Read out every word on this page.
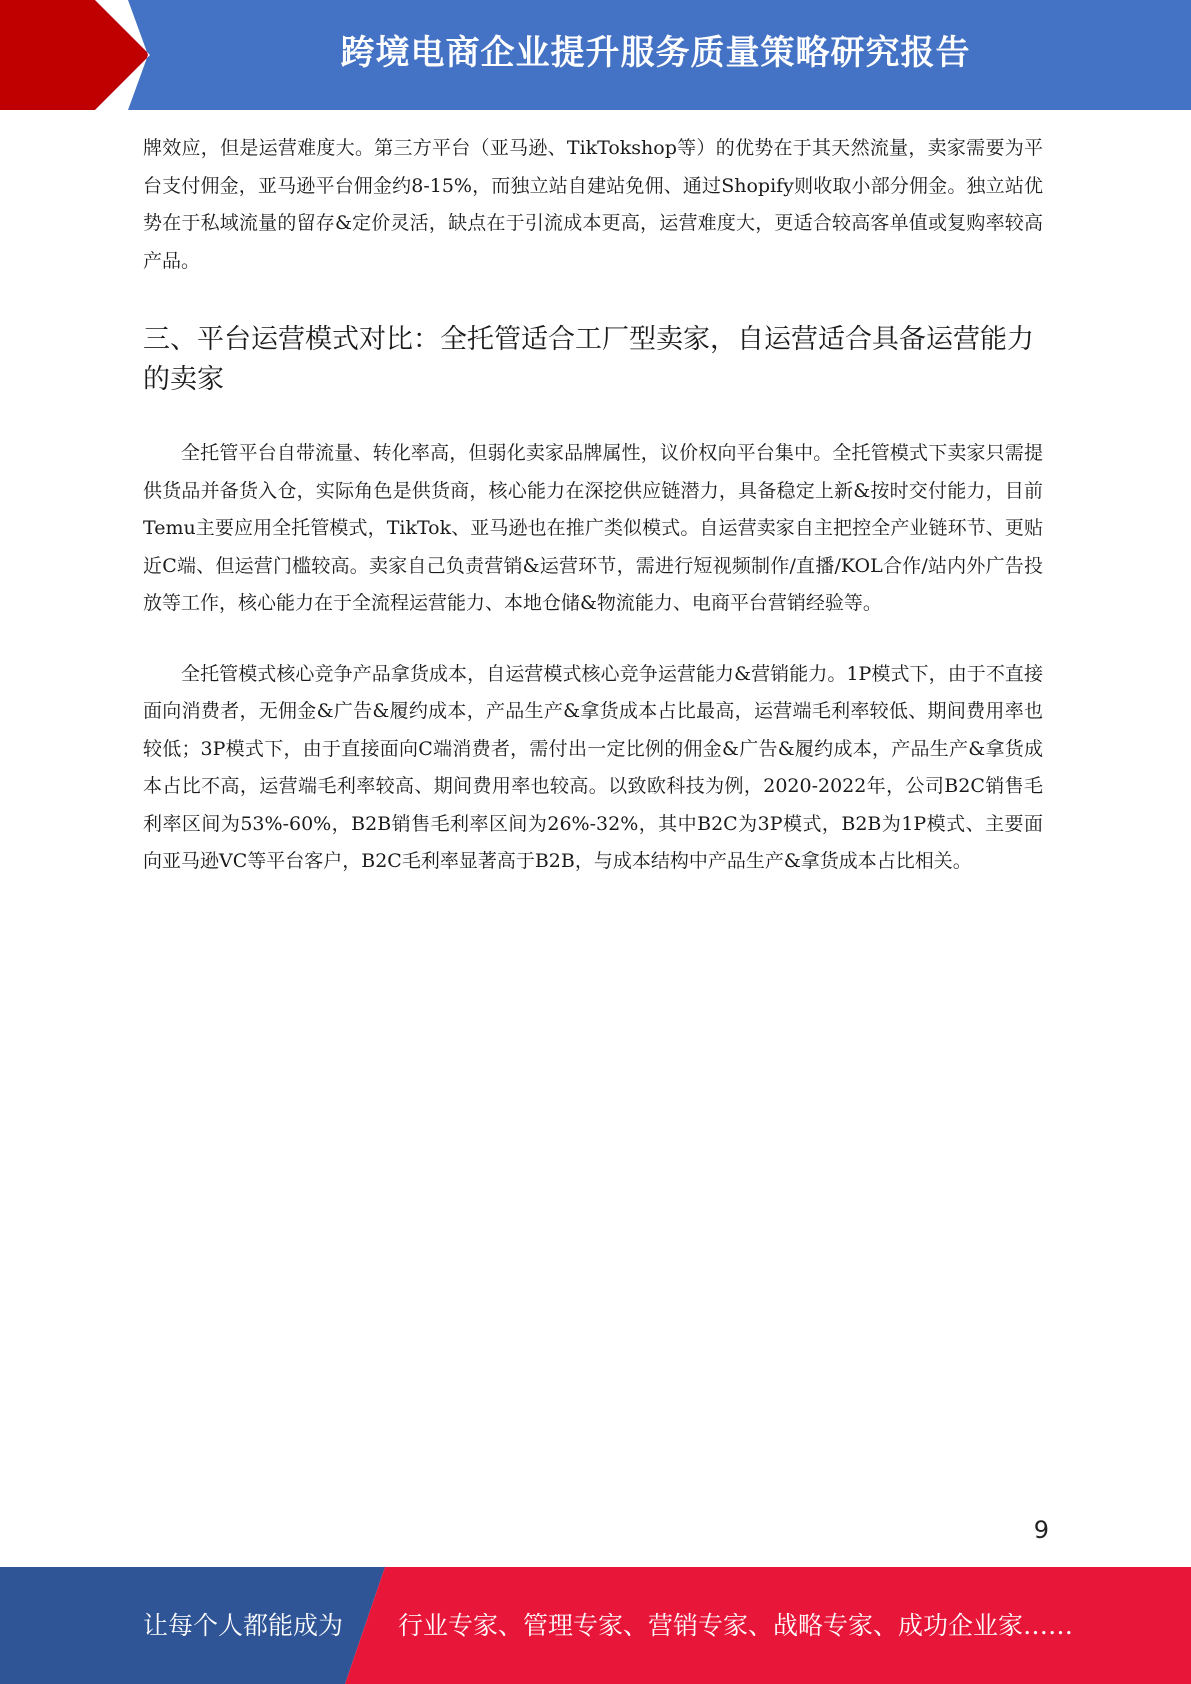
跨境电商企业提升服务质量策略研究报告

牌效应，但是运营难度大。第三方平台（亚马逊、TikTokshop等）的优势在于其天然流量，卖家需要为平台支付佣金，亚马逊平台佣金约8-15%，而独立站自建站免佣、通过Shopify则收取小部分佣金。独立站优势在于私域流量的留存&定价灵活，缺点在于引流成本更高，运营难度大，更适合较高客单值或复购率较高产品。

三、平台运营模式对比：全托管适合工厂型卖家，自运营适合具备运营能力的卖家

全托管平台自带流量、转化率高，但弱化卖家品牌属性，议价权向平台集中。全托管模式下卖家只需提供货品并备货入仓，实际角色是供货商，核心能力在深挖供应链潜力，具备稳定上新&按时交付能力，目前Temu主要应用全托管模式，TikTok、亚马逊也在推广类似模式。自运营卖家自主把控全产业链环节、更贴近C端、但运营门槛较高。卖家自己负责营销&运营环节，需进行短视频制作/直播/KOL合作/站内外广告投放等工作，核心能力在于全流程运营能力、本地仓储&物流能力、电商平台营销经验等。

全托管模式核心竞争产品拿货成本，自运营模式核心竞争运营能力&营销能力。1P模式下，由于不直接面向消费者，无佣金&广告&履约成本，产品生产&拿货成本占比最高，运营端毛利率较低、期间费用率也较低；3P模式下，由于直接面向C端消费者，需付出一定比例的佣金&广告&履约成本，产品生产&拿货成本占比不高，运营端毛利率较高、期间费用率也较高。以致欧科技为例，2020-2022年，公司B2C销售毛利率区间为53%-60%，B2B销售毛利率区间为26%-32%，其中B2C为3P模式，B2B为1P模式、主要面向亚马逊VC等平台客户，B2C毛利率显著高于B2B，与成本结构中产品生产&拿货成本占比相关。

9
让每个人都能成为 行业专家、管理专家、营销专家、战略专家、成功企业家……
